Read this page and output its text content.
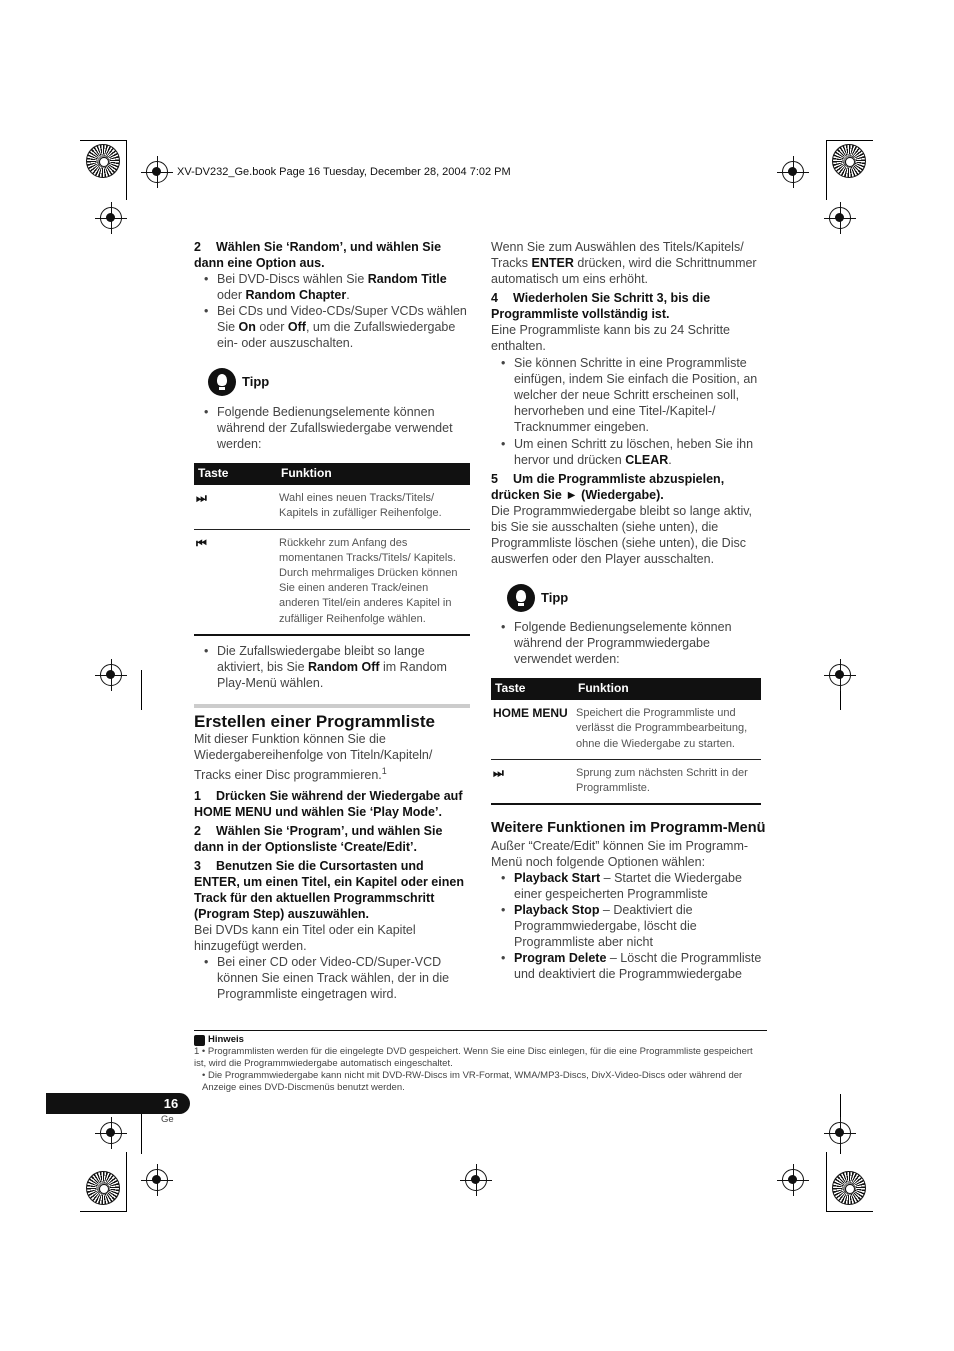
XV-DV232_Ge.book Page 16 Tuesday, December 28, 2004 7:02 PM

2 Wählen Sie ‘Random’, und wählen Sie dann eine Option aus.

• Bei DVD-Discs wählen Sie Random Title oder Random Chapter.
• Bei CDs und Video-CDs/Super VCDs wählen Sie On oder Off, um die Zufallswiedergabe ein- oder auszuschalten.
Tipp
• Folgende Bedienungselemente können während der Zufallswiedergabe verwendet werden:
Taste	Funktion
⏭	Wahl eines neuen Tracks/Titels/ Kapitels in zufälliger Reihenfolge.
⏮	Rückkehr zum Anfang des momentanen Tracks/Titels/ Kapitels. Durch mehrmaliges Drücken können Sie einen anderen Track/einen anderen Titel/ein anderes Kapitel in zufälliger Reihenfolge wählen.
• Die Zufallswiedergabe bleibt so lange aktiviert, bis Sie Random Off im Random Play-Menü wählen.

Erstellen einer Programmliste

Mit dieser Funktion können Sie die Wiedergabereihenfolge von Titeln/Kapiteln/ Tracks einer Disc programmieren.$^1$

1 Drücken Sie während der Wiedergabe auf HOME MENU und wählen Sie ‘Play Mode’.

2 Wählen Sie ‘Program’, und wählen Sie dann in der Optionsliste ‘Create/Edit’.

3 Benutzen Sie die Cursortasten und ENTER, um einen Titel, ein Kapitel oder einen Track für den aktuellen Programmschritt (Program Step) auszuwählen.

Bei DVDs kann ein Titel oder ein Kapitel hinzugefügt werden.

• Bei einer CD oder Video-CD/Super-VCD können Sie einen Track wählen, der in die Programmliste eingetragen wird.

Wenn Sie zum Auswählen des Titels/Kapitels/ Tracks ENTER drücken, wird die Schrittnummer automatisch um eins erhöht.

4 Wiederholen Sie Schritt 3, bis die Programmliste vollständig ist.

Eine Programmliste kann bis zu 24 Schritte enthalten.

• Sie können Schritte in eine Programmliste einfügen, indem Sie einfach die Position, an welcher der neue Schritt erscheinen soll, hervorheben und eine Titel-/Kapitel-/ Tracknummer eingeben.
• Um einen Schritt zu löschen, heben Sie ihn hervor und drücken CLEAR.

5 Um die Programmliste abzuspielen, drücken Sie ► (Wiedergabe).

Die Programmwiedergabe bleibt so lange aktiv, bis Sie sie ausschalten (siehe unten), die Programmliste löschen (siehe unten), die Disc auswerfen oder den Player ausschalten.

Tipp
• Folgende Bedienungselemente können während der Programmwiedergabe verwendet werden:
Taste	Funktion
HOME MENU	Speichert die Programmliste und verlässt die Programmbearbeitung, ohne die Wiedergabe zu starten.
⏭	Sprung zum nächsten Schritt in der Programmliste.

Weitere Funktionen im Programm-Menü

Außer “Create/Edit” können Sie im Programm-Menü noch folgende Optionen wählen:

• Playback Start – Startet die Wiedergabe einer gespeicherten Programmliste
• Playback Stop – Deaktiviert die Programmwiedergabe, löscht die Programmliste aber nicht
• Program Delete – Löscht die Programmliste und deaktiviert die Programmwiedergabe
Hinweis
1 • Programmlisten werden für die eingelegte DVD gespeichert. Wenn Sie eine Disc einlegen, für die eine Programmliste gespeichert ist, wird die Programmwiedergabe automatisch eingeschaltet.
• Die Programmwiedergabe kann nicht mit DVD-RW-Discs im VR-Format, WMA/MP3-Discs, DivX-Video-Discs oder während der Anzeige eines DVD-Discmenüs benutzt werden.
16
Ge
